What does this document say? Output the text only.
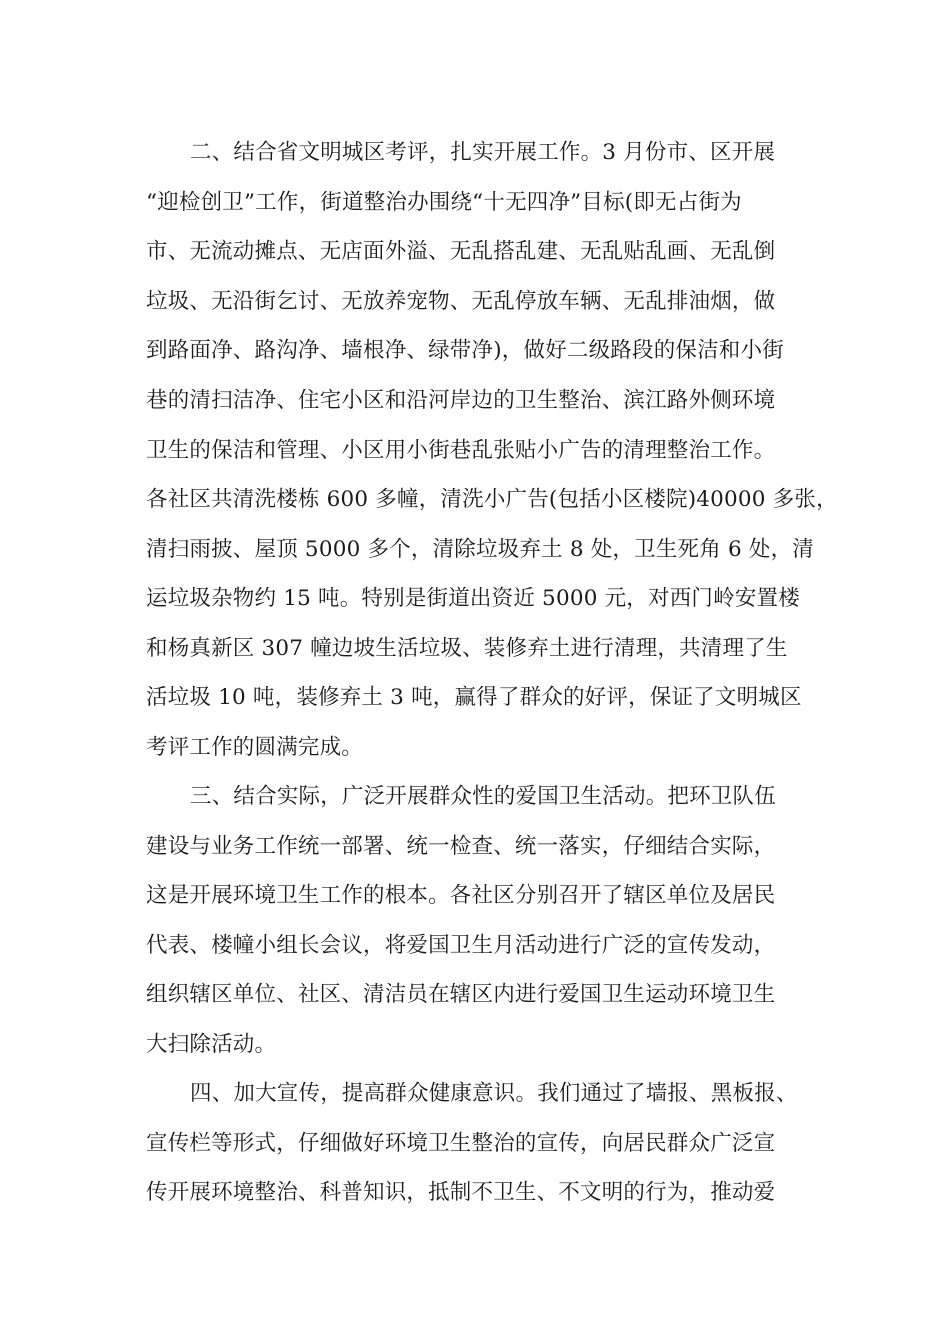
二、结合省文明城区考评，扎实开展工作。3 月份市、区开展
“迎检创卫”工作，街道整治办围绕“十无四净”目标(即无占街为
市、无流动摊点、无店面外溢、无乱搭乱建、无乱贴乱画、无乱倒
垃圾、无沿街乞讨、无放养宠物、无乱停放车辆、无乱排油烟，做
到路面净、路沟净、墙根净、绿带净)，做好二级路段的保洁和小街
巷的清扫洁净、住宅小区和沿河岸边的卫生整治、滨江路外侧环境
卫生的保洁和管理、小区用小街巷乱张贴小广告的清理整治工作。
各社区共清洗楼栋 600 多幢，清洗小广告(包括小区楼院)40000 多张，
清扫雨披、屋顶 5000 多个，清除垃圾弃土 8 处，卫生死角 6 处，清
运垃圾杂物约 15 吨。特别是街道出资近 5000 元，对西门岭安置楼
和杨真新区 307 幢边坡生活垃圾、装修弃土进行清理，共清理了生
活垃圾 10 吨，装修弃土 3 吨，赢得了群众的好评，保证了文明城区
考评工作的圆满完成。
三、结合实际，广泛开展群众性的爱国卫生活动。把环卫队伍
建设与业务工作统一部署、统一检查、统一落实，仔细结合实际，
这是开展环境卫生工作的根本。各社区分别召开了辖区单位及居民
代表、楼幢小组长会议，将爱国卫生月活动进行广泛的宣传发动，
组织辖区单位、社区、清洁员在辖区内进行爱国卫生运动环境卫生
大扫除活动。
四、加大宣传，提高群众健康意识。我们通过了墙报、黑板报、
宣传栏等形式，仔细做好环境卫生整治的宣传，向居民群众广泛宣
传开展环境整治、科普知识，抵制不卫生、不文明的行为，推动爱
